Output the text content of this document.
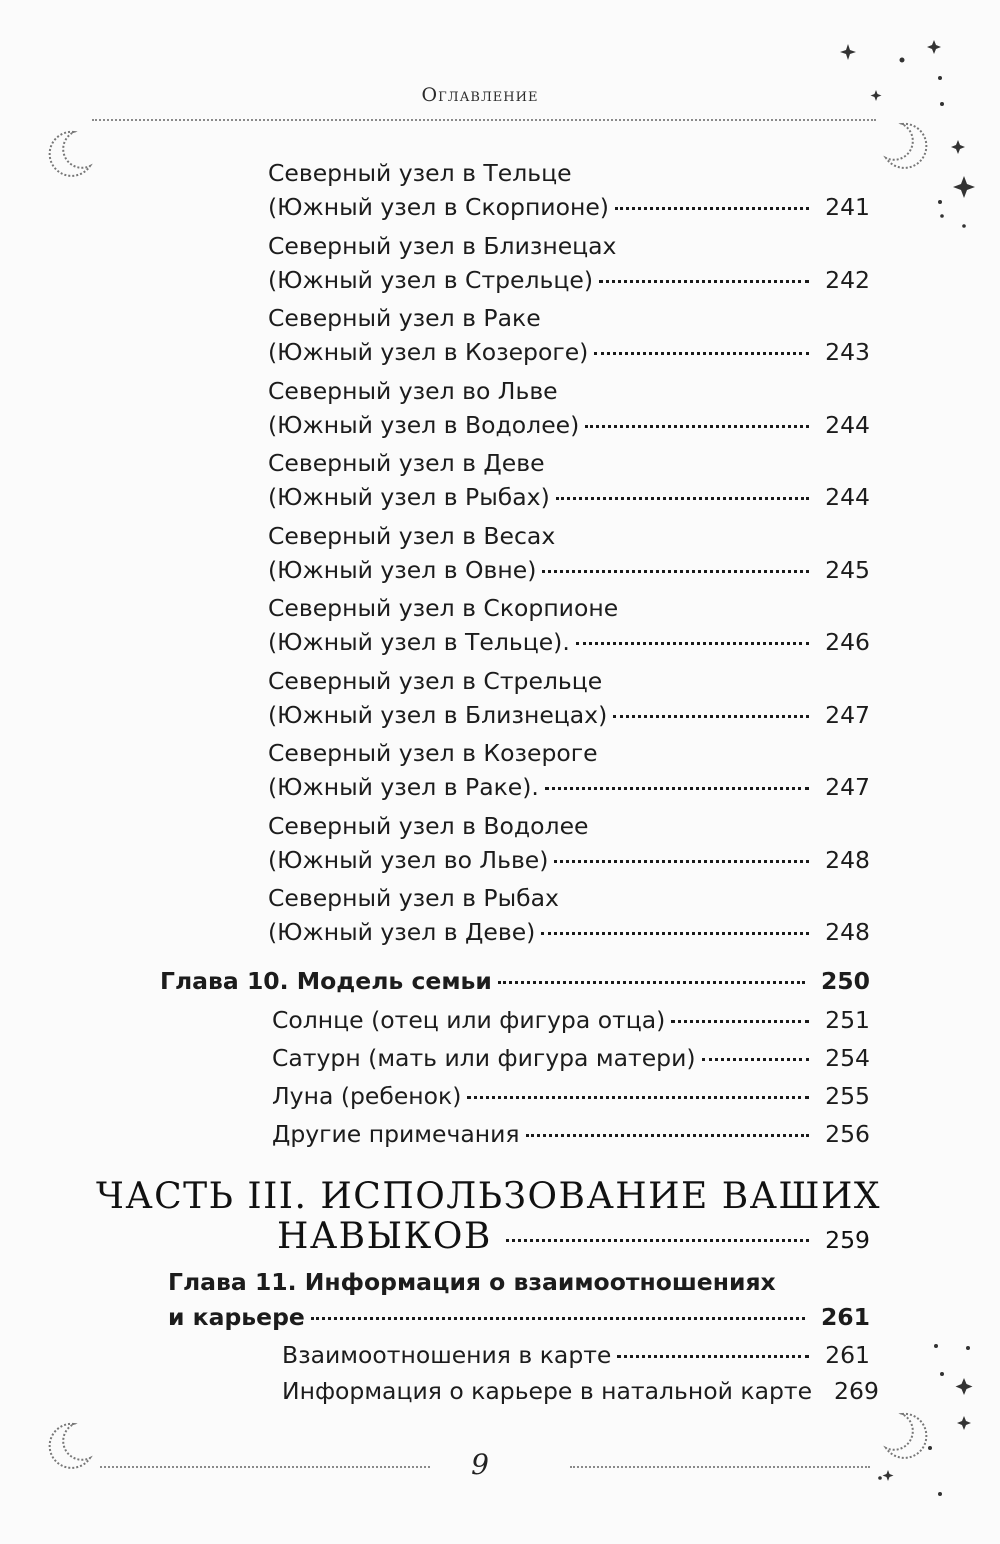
Оглавление
Северный узел в Тельце
(Южный узел в Скорпионе)	241
Северный узел в Близнецах
(Южный узел в Стрельце)	242
Северный узел в Раке
(Южный узел в Козероге)	243
Северный узел во Льве
(Южный узел в Водолее)	244
Северный узел в Деве
(Южный узел в Рыбах)	244
Северный узел в Весах
(Южный узел в Овне)	245
Северный узел в Скорпионе
(Южный узел в Тельце).	246
Северный узел в Стрельце
(Южный узел в Близнецах)	247
Северный узел в Козероге
(Южный узел в Раке).	247
Северный узел в Водолее
(Южный узел во Льве)	248
Северный узел в Рыбах
(Южный узел в Деве)	248
Глава 10. Модель семьи	250
Солнце (отец или фигура отца)	251
Сатурн (мать или фигура матери)	254
Луна (ребенок)	255
Другие примечания	256
ЧАСТЬ III. ИСПОЛЬЗОВАНИЕ ВАШИХ
НАВЫКОВ	259
Глава 11. Информация о взаимоотношениях
и карьере	261
Взаимоотношения в карте	261
Информация о карьере в натальной карте 269
9
